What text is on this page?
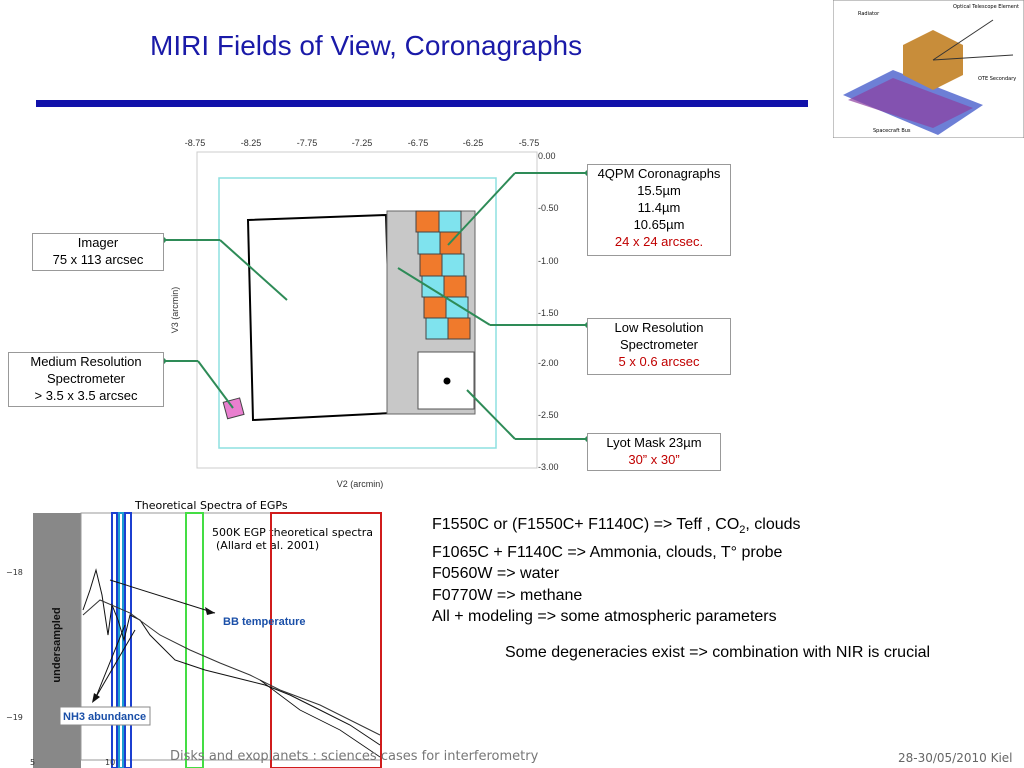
MIRI Fields of View, Coronagraphs
Radiator
Optical Telescope Element
OTE Secondary
Spacecraft Bus
-8.75	-8.25	-7.75	-7.25	-6.75	-6.25	-5.75
0.00
-0.50
-1.00
-1.50
-2.00
-2.50
-3.00
V2 (arcmin)
V3 (arcmin)
Imager
75 x 113 arcsec
Medium Resolution
Spectrometer
> 3.5 x 3.5 arcsec
4QPM Coronagraphs
15.5µm
11.4µm
10.65µm
24 x 24 arcsec.
Low Resolution
Spectrometer
5 x 0.6 arcsec
Lyot Mask 23µm
30” x 30”
undersampled
Theoretical Spectra of EGPs
500K EGP theoretical spectra
(Allard et al. 2001)
BB temperature
NH3 abundance
−18
−19
5	10
F1550C or (F1550C+ F1140C) => Teff , $CO_2$, clouds
F1065C + F1140C => Ammonia, clouds, T° probe
F0560W => water
F0770W => methane
All + modeling => some atmospheric parameters
Some degeneracies exist => combination with NIR is crucial
Disks and exoplanets : sciences cases for interferometry	28-30/05/2010 Kiel
